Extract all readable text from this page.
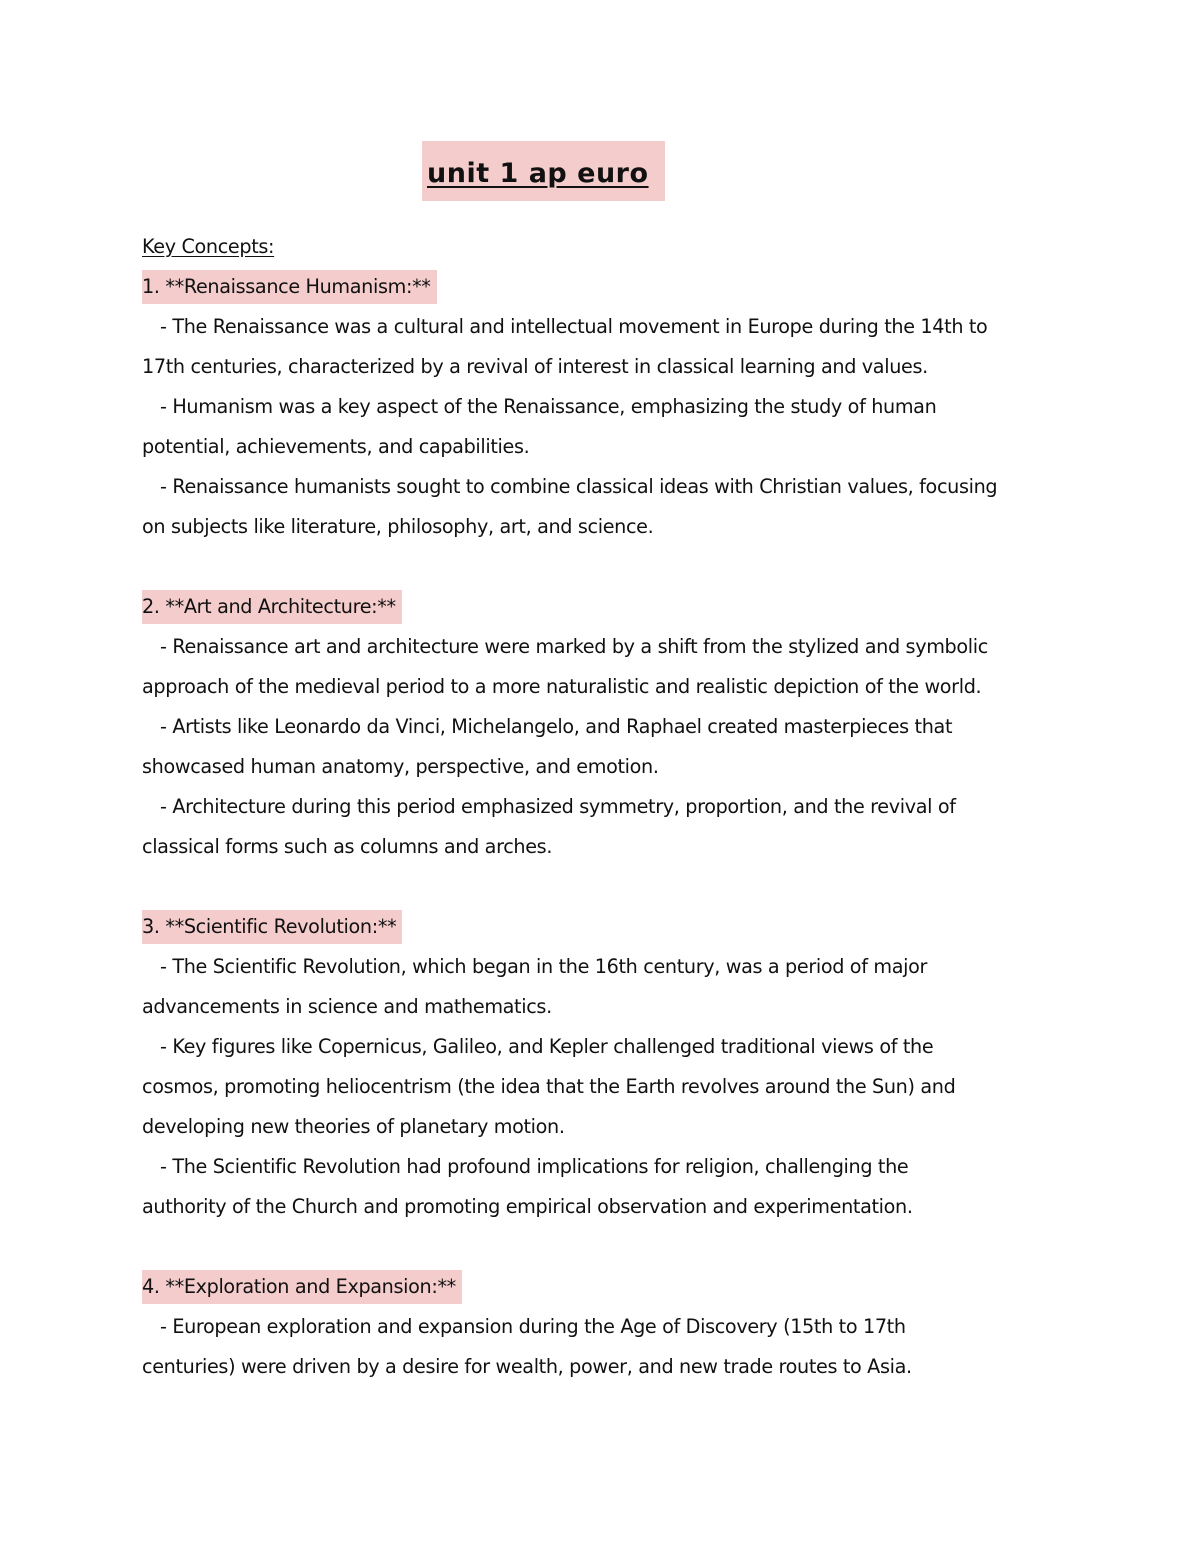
unit 1 ap euro
Key Concepts:
1. **Renaissance Humanism:**
- The Renaissance was a cultural and intellectual movement in Europe during the 14th to
17th centuries, characterized by a revival of interest in classical learning and values.
- Humanism was a key aspect of the Renaissance, emphasizing the study of human
potential, achievements, and capabilities.
- Renaissance humanists sought to combine classical ideas with Christian values, focusing
on subjects like literature, philosophy, art, and science.
2. **Art and Architecture:**
- Renaissance art and architecture were marked by a shift from the stylized and symbolic
approach of the medieval period to a more naturalistic and realistic depiction of the world.
- Artists like Leonardo da Vinci, Michelangelo, and Raphael created masterpieces that
showcased human anatomy, perspective, and emotion.
- Architecture during this period emphasized symmetry, proportion, and the revival of
classical forms such as columns and arches.
3. **Scientific Revolution:**
- The Scientific Revolution, which began in the 16th century, was a period of major
advancements in science and mathematics.
- Key figures like Copernicus, Galileo, and Kepler challenged traditional views of the
cosmos, promoting heliocentrism (the idea that the Earth revolves around the Sun) and
developing new theories of planetary motion.
- The Scientific Revolution had profound implications for religion, challenging the
authority of the Church and promoting empirical observation and experimentation.
4. **Exploration and Expansion:**
- European exploration and expansion during the Age of Discovery (15th to 17th
centuries) were driven by a desire for wealth, power, and new trade routes to Asia.
